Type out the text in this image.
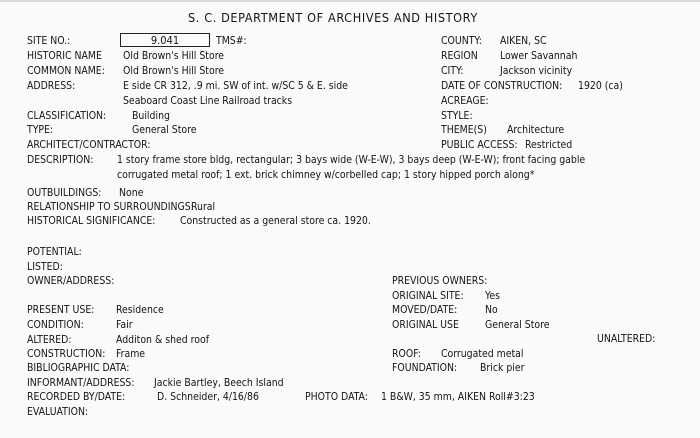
S. C. DEPARTMENT OF ARCHIVES AND HISTORY
SITE NO.:	9.041	TMS#:	COUNTY: AIKEN, SC
HISTORIC NAME Old Brown's Hill Store	REGION Lower Savannah
COMMON NAME: Old Brown's Hill Store	CITY:	Jackson vicinity
ADDRESS:	E side CR 312, .9 mi. SW of int. w/SC 5 & E. side	DATE OF CONSTRUCTION: 1920 (ca)
Seaboard Coast Line Railroad tracks	ACREAGE:
CLASSIFICATION: Building	STYLE:
TYPE:	General Store	THEME(S) Architecture
ARCHITECT/CONTRACTOR:	PUBLIC ACCESS: Restricted
DESCRIPTION: 1 story frame store bldg, rectangular; 3 bays wide (W-E-W), 3 bays deep (W-E-W); front facing gable
corrugated metal roof; 1 ext. brick chimney w/corbelled cap; 1 story hipped porch along*
OUTBUILDINGS: None
RELATIONSHIP TO SURROUNDINGS:
Rural
HISTORICAL SIGNIFICANCE: Constructed as a general store ca. 1920.
POTENTIAL:
LISTED:
OWNER/ADDRESS:	PREVIOUS OWNERS:
ORIGINAL SITE: Yes
PRESENT USE: Residence	MOVED/DATE:	No
CONDITION:	Fair	ORIGINAL USE	General Store
UNALTERED:
ALTERED:	Additon & shed roof
CONSTRUCTION: Frame	ROOF: Corrugated metal
BIBLIOGRAPHIC DATA:	FOUNDATION: Brick pier
INFORMANT/ADDRESS: Jackie Bartley, Beech Island
RECORDED BY/DATE:	D. Schneider, 4/16/86	PHOTO DATA: 1 B&W, 35 mm, AIKEN Roll#3:23
EVALUATION:
